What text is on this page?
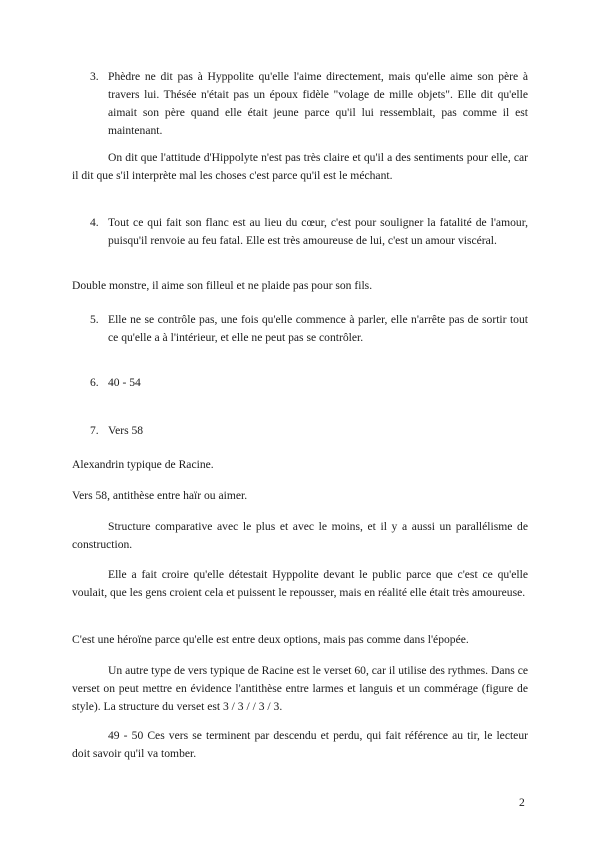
3. Phèdre ne dit pas à Hyppolite qu'elle l'aime directement, mais qu'elle aime son père à travers lui. Thésée n'était pas un époux fidèle "volage de mille objets". Elle dit qu'elle aimait son père quand elle était jeune parce qu'il lui ressemblait, pas comme il est maintenant.

On dit que l'attitude d'Hippolyte n'est pas très claire et qu'il a des sentiments pour elle, car il dit que s'il interprète mal les choses c'est parce qu'il est le méchant.

4. Tout ce qui fait son flanc est au lieu du cœur, c'est pour souligner la fatalité de l'amour, puisqu'il renvoie au feu fatal. Elle est très amoureuse de lui, c'est un amour viscéral.

Double monstre, il aime son filleul et ne plaide pas pour son fils.

5. Elle ne se contrôle pas, une fois qu'elle commence à parler, elle n'arrête pas de sortir tout ce qu'elle a à l'intérieur, et elle ne peut pas se contrôler.
6. 40 - 54
7. Vers 58

Alexandrin typique de Racine.

Vers 58, antithèse entre haïr ou aimer.

Structure comparative avec le plus et avec le moins, et il y a aussi un parallélisme de construction.

Elle a fait croire qu'elle détestait Hyppolite devant le public parce que c'est ce qu'elle voulait, que les gens croient cela et puissent le repousser, mais en réalité elle était très amoureuse.

C'est une héroïne parce qu'elle est entre deux options, mais pas comme dans l'épopée.

Un autre type de vers typique de Racine est le verset 60, car il utilise des rythmes. Dans ce verset on peut mettre en évidence l'antithèse entre larmes et languis et un commérage (figure de style). La structure du verset est 3 / 3 / / 3 / 3.

49 - 50 Ces vers se terminent par descendu et perdu, qui fait référence au tir, le lecteur doit savoir qu'il va tomber.

2
